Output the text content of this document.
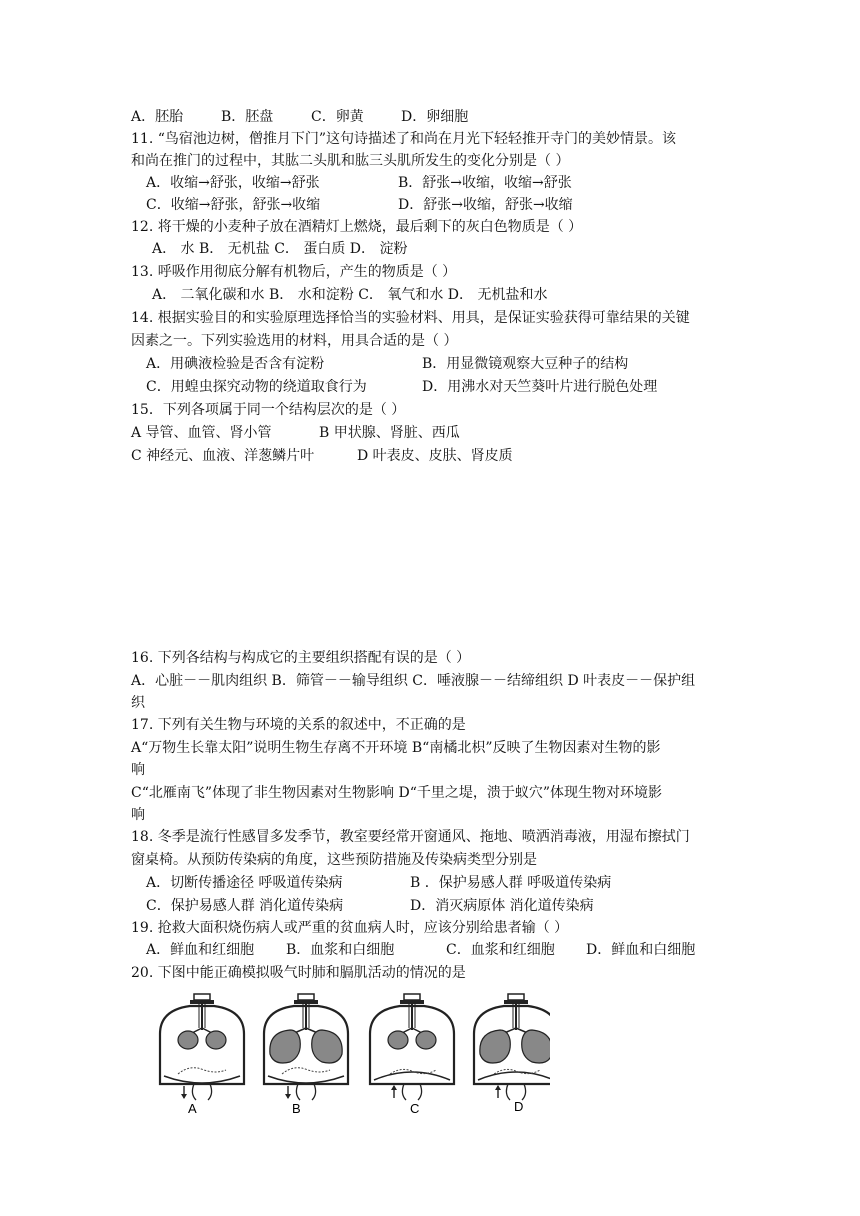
A．胚胎	B．胚盘	C．卵黄	D．卵细胞
11. “鸟宿池边树，僧推月下门”这句诗描述了和尚在月光下轻轻推开寺门的美妙情景。该
和尚在推门的过程中，其肱二头肌和肱三头肌所发生的变化分别是（ ）
A．收缩→舒张，收缩→舒张	B．舒张→收缩，收缩→舒张
C．收缩→舒张，舒张→收缩	D．舒张→收缩，舒张→收缩
12. 将干燥的小麦种子放在酒精灯上燃烧，最后剩下的灰白色物质是（ ）
A． 水 B． 无机盐 C． 蛋白质 D． 淀粉
13. 呼吸作用彻底分解有机物后，产生的物质是（ ）
A． 二氧化碳和水 B． 水和淀粉 C． 氧气和水 D． 无机盐和水
14. 根据实验目的和实验原理选择恰当的实验材料、用具，是保证实验获得可靠结果的关键
因素之一。下列实验选用的材料，用具合适的是（ ）
A．用碘液检验是否含有淀粉	B．用显微镜观察大豆种子的结构
C．用蝗虫探究动物的绕道取食行为	D．用沸水对天竺葵叶片进行脱色处理
15．下列各项属于同一个结构层次的是（ ）
A 导管、血管、肾小管	B 甲状腺、肾脏、西瓜
C 神经元、血液、洋葱鳞片叶	D 叶表皮、皮肤、肾皮质
16. 下列各结构与构成它的主要组织搭配有误的是（ ）
A．心脏－－肌肉组织 B．筛管－－输导组织 C．唾液腺－－结缔组织 D 叶表皮－－保护组
织
17. 下列有关生物与环境的关系的叙述中，不正确的是
A“万物生长靠太阳”说明生物生存离不开环境 B“南橘北枳”反映了生物因素对生物的影
响
C“北雁南飞”体现了非生物因素对生物影响 D“千里之堤，溃于蚁穴”体现生物对环境影
响
18. 冬季是流行性感冒多发季节，教室要经常开窗通风、拖地、喷洒消毒液，用湿布擦拭门
窗桌椅。从预防传染病的角度，这些预防措施及传染病类型分别是
A．切断传播途径 呼吸道传染病	B ．保护易感人群 呼吸道传染病
C．保护易感人群 消化道传染病	D．消灭病原体 消化道传染病
19. 抢救大面积烧伤病人或严重的贫血病人时，应该分别给患者输（ ）
A．鲜血和红细胞 B．血浆和白细胞	C．血浆和红细胞 D．鲜血和白细胞
20. 下图中能正确模拟吸气时肺和膈肌活动的情况的是
A	B	C	D
